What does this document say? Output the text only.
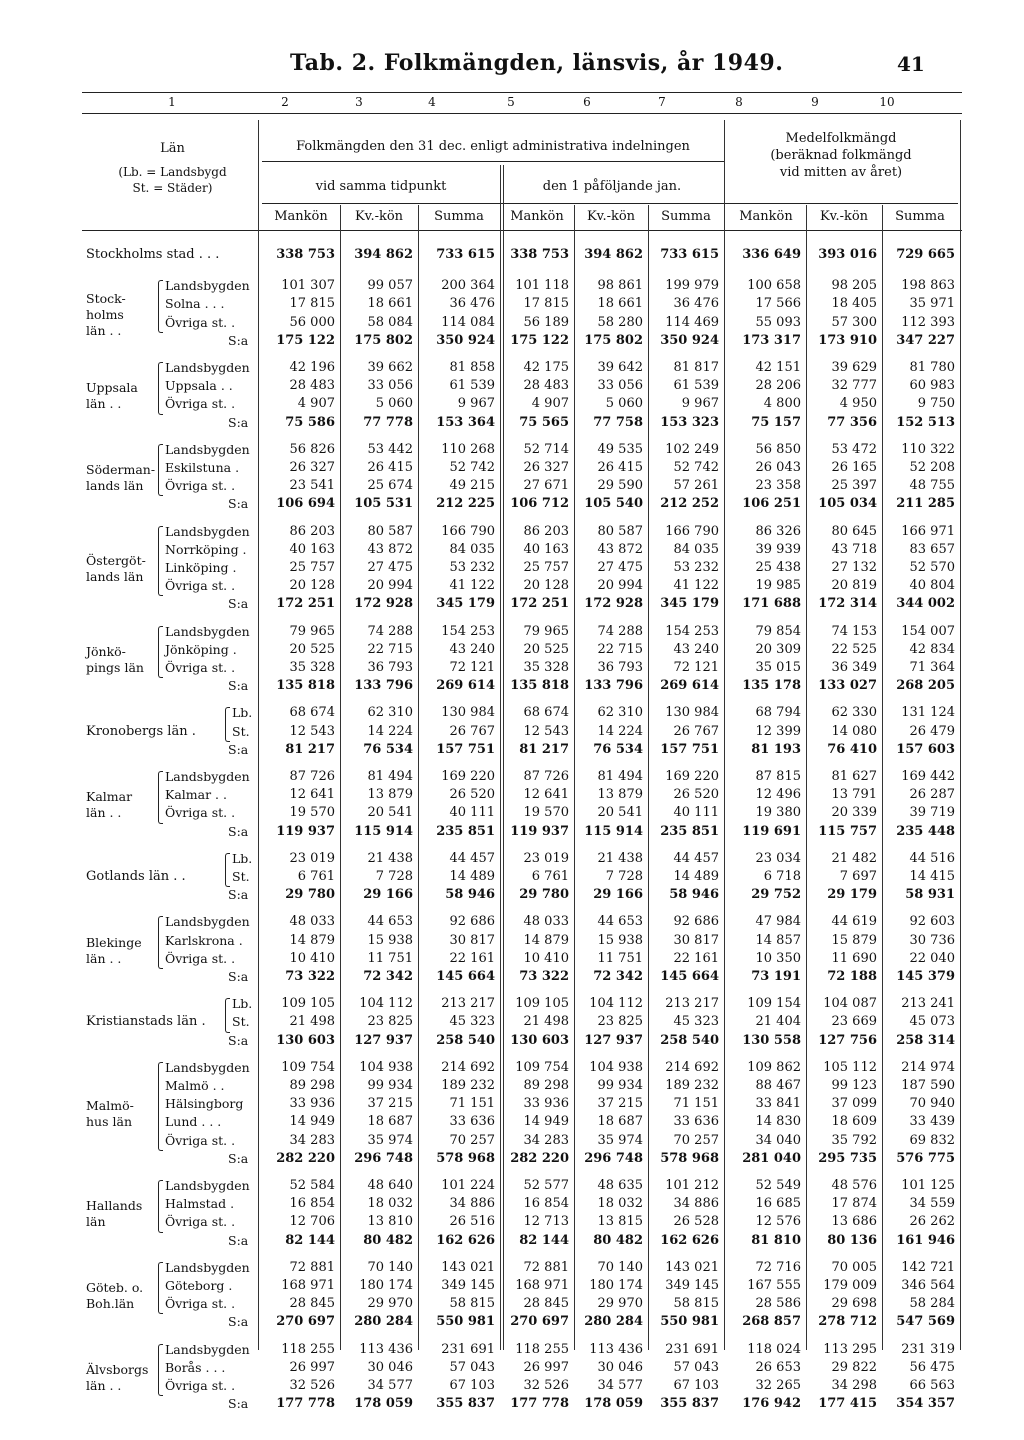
Tab. 2. Folkmängden, länsvis, år 1949.	41
1	2	3	4	5	6	7	8	9	10
Län
(Lb. = Landsbygd
St. = Städer)
Folkmängden den 31 dec. enligt administrativa indelningen
vid samma tidpunkt	den 1 påföljande jan.
Medelfolkmängd
(beräknad folkmängd
vid mitten av året)
Mankön	Kv.-kön	Summa	Mankön	Kv.-kön	Summa	Mankön	Kv.-kön	Summa
Stockholms stad . . .	338 753	394 862	733 615	338 753	394 862	733 615	336 649	393 016	729 665
Stock-
holms
län . .
Landsbygden	101 307	99 057	200 364	101 118	98 861	199 979	100 658	98 205	198 863
Solna . . .	17 815	18 661	36 476	17 815	18 661	36 476	17 566	18 405	35 971
Övriga st. .	56 000	58 084	114 084	56 189	58 280	114 469	55 093	57 300	112 393
S:a	175 122	175 802	350 924	175 122	175 802	350 924	173 317	173 910	347 227
Uppsala
län . .
Landsbygden	42 196	39 662	81 858	42 175	39 642	81 817	42 151	39 629	81 780
Uppsala . .	28 483	33 056	61 539	28 483	33 056	61 539	28 206	32 777	60 983
Övriga st. .	4 907	5 060	9 967	4 907	5 060	9 967	4 800	4 950	9 750
S:a	75 586	77 778	153 364	75 565	77 758	153 323	75 157	77 356	152 513
Söderman-
lands län
Landsbygden	56 826	53 442	110 268	52 714	49 535	102 249	56 850	53 472	110 322
Eskilstuna .	26 327	26 415	52 742	26 327	26 415	52 742	26 043	26 165	52 208
Övriga st. .	23 541	25 674	49 215	27 671	29 590	57 261	23 358	25 397	48 755
S:a	106 694	105 531	212 225	106 712	105 540	212 252	106 251	105 034	211 285
Östergöt-
lands län
Landsbygden	86 203	80 587	166 790	86 203	80 587	166 790	86 326	80 645	166 971
Norrköping .	40 163	43 872	84 035	40 163	43 872	84 035	39 939	43 718	83 657
Linköping .	25 757	27 475	53 232	25 757	27 475	53 232	25 438	27 132	52 570
Övriga st. .	20 128	20 994	41 122	20 128	20 994	41 122	19 985	20 819	40 804
S:a	172 251	172 928	345 179	172 251	172 928	345 179	171 688	172 314	344 002
Jönkö-
pings län
Landsbygden	79 965	74 288	154 253	79 965	74 288	154 253	79 854	74 153	154 007
Jönköping .	20 525	22 715	43 240	20 525	22 715	43 240	20 309	22 525	42 834
Övriga st. .	35 328	36 793	72 121	35 328	36 793	72 121	35 015	36 349	71 364
S:a	135 818	133 796	269 614	135 818	133 796	269 614	135 178	133 027	268 205
Kronobergs län .
Lb.	68 674	62 310	130 984	68 674	62 310	130 984	68 794	62 330	131 124
St.	12 543	14 224	26 767	12 543	14 224	26 767	12 399	14 080	26 479
S:a	81 217	76 534	157 751	81 217	76 534	157 751	81 193	76 410	157 603
Kalmar
län . .
Landsbygden	87 726	81 494	169 220	87 726	81 494	169 220	87 815	81 627	169 442
Kalmar . .	12 641	13 879	26 520	12 641	13 879	26 520	12 496	13 791	26 287
Övriga st. .	19 570	20 541	40 111	19 570	20 541	40 111	19 380	20 339	39 719
S:a	119 937	115 914	235 851	119 937	115 914	235 851	119 691	115 757	235 448
Gotlands län . .
Lb.	23 019	21 438	44 457	23 019	21 438	44 457	23 034	21 482	44 516
St.	6 761	7 728	14 489	6 761	7 728	14 489	6 718	7 697	14 415
S:a	29 780	29 166	58 946	29 780	29 166	58 946	29 752	29 179	58 931
Blekinge
län . .
Landsbygden	48 033	44 653	92 686	48 033	44 653	92 686	47 984	44 619	92 603
Karlskrona .	14 879	15 938	30 817	14 879	15 938	30 817	14 857	15 879	30 736
Övriga st. .	10 410	11 751	22 161	10 410	11 751	22 161	10 350	11 690	22 040
S:a	73 322	72 342	145 664	73 322	72 342	145 664	73 191	72 188	145 379
Kristianstads län .
Lb.	109 105	104 112	213 217	109 105	104 112	213 217	109 154	104 087	213 241
St.	21 498	23 825	45 323	21 498	23 825	45 323	21 404	23 669	45 073
S:a	130 603	127 937	258 540	130 603	127 937	258 540	130 558	127 756	258 314
Malmö-
hus län
Landsbygden	109 754	104 938	214 692	109 754	104 938	214 692	109 862	105 112	214 974
Malmö . .	89 298	99 934	189 232	89 298	99 934	189 232	88 467	99 123	187 590
Hälsingborg	33 936	37 215	71 151	33 936	37 215	71 151	33 841	37 099	70 940
Lund . . .	14 949	18 687	33 636	14 949	18 687	33 636	14 830	18 609	33 439
Övriga st. .	34 283	35 974	70 257	34 283	35 974	70 257	34 040	35 792	69 832
S:a	282 220	296 748	578 968	282 220	296 748	578 968	281 040	295 735	576 775
Hallands
län
Landsbygden	52 584	48 640	101 224	52 577	48 635	101 212	52 549	48 576	101 125
Halmstad .	16 854	18 032	34 886	16 854	18 032	34 886	16 685	17 874	34 559
Övriga st. .	12 706	13 810	26 516	12 713	13 815	26 528	12 576	13 686	26 262
S:a	82 144	80 482	162 626	82 144	80 482	162 626	81 810	80 136	161 946
Göteb. o.
Boh.län
Landsbygden	72 881	70 140	143 021	72 881	70 140	143 021	72 716	70 005	142 721
Göteborg .	168 971	180 174	349 145	168 971	180 174	349 145	167 555	179 009	346 564
Övriga st. .	28 845	29 970	58 815	28 845	29 970	58 815	28 586	29 698	58 284
S:a	270 697	280 284	550 981	270 697	280 284	550 981	268 857	278 712	547 569
Älvsborgs
län . .
Landsbygden	118 255	113 436	231 691	118 255	113 436	231 691	118 024	113 295	231 319
Borås . . .	26 997	30 046	57 043	26 997	30 046	57 043	26 653	29 822	56 475
Övriga st. .	32 526	34 577	67 103	32 526	34 577	67 103	32 265	34 298	66 563
S:a	177 778	178 059	355 837	177 778	178 059	355 837	176 942	177 415	354 357
